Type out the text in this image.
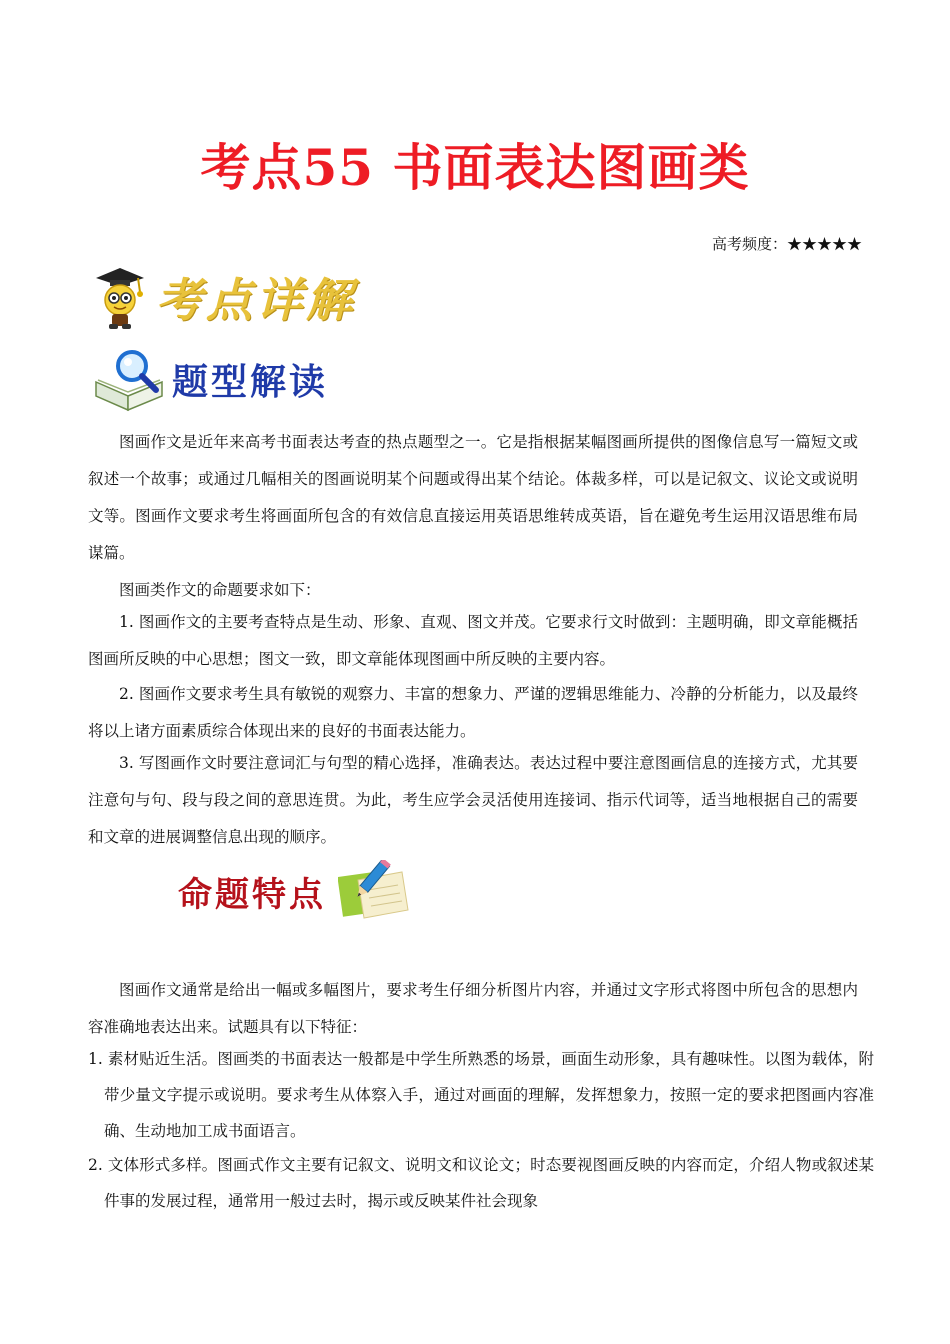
考点55 书面表达图画类
高考频度：★★★★★
考点详解
题型解读

图画作文是近年来高考书面表达考查的热点题型之一。它是指根据某幅图画所提供的图像信息写一篇短文或叙述一个故事；或通过几幅相关的图画说明某个问题或得出某个结论。体裁多样，可以是记叙文、议论文或说明文等。图画作文要求考生将画面所包含的有效信息直接运用英语思维转成英语，旨在避免考生运用汉语思维布局谋篇。

图画类作文的命题要求如下：

1. 图画作文的主要考查特点是生动、形象、直观、图文并茂。它要求行文时做到：主题明确，即文章能概括图画所反映的中心思想；图文一致，即文章能体现图画中所反映的主要内容。

2. 图画作文要求考生具有敏锐的观察力、丰富的想象力、严谨的逻辑思维能力、冷静的分析能力，以及最终将以上诸方面素质综合体现出来的良好的书面表达能力。

3. 写图画作文时要注意词汇与句型的精心选择，准确表达。表达过程中要注意图画信息的连接方式，尤其要注意句与句、段与段之间的意思连贯。为此，考生应学会灵活使用连接词、指示代词等，适当地根据自己的需要和文章的进展调整信息出现的顺序。

命题特点

图画作文通常是给出一幅或多幅图片，要求考生仔细分析图片内容，并通过文字形式将图中所包含的思想内容准确地表达出来。试题具有以下特征：

1. 素材贴近生活。图画类的书面表达一般都是中学生所熟悉的场景，画面生动形象，具有趣味性。以图为载体，附带少量文字提示或说明。要求考生从体察入手，通过对画面的理解，发挥想象力，按照一定的要求把图画内容准确、生动地加工成书面语言。

2. 文体形式多样。图画式作文主要有记叙文、说明文和议论文；时态要视图画反映的内容而定，介绍人物或叙述某件事的发展过程，通常用一般过去时，揭示或反映某件社会现象
